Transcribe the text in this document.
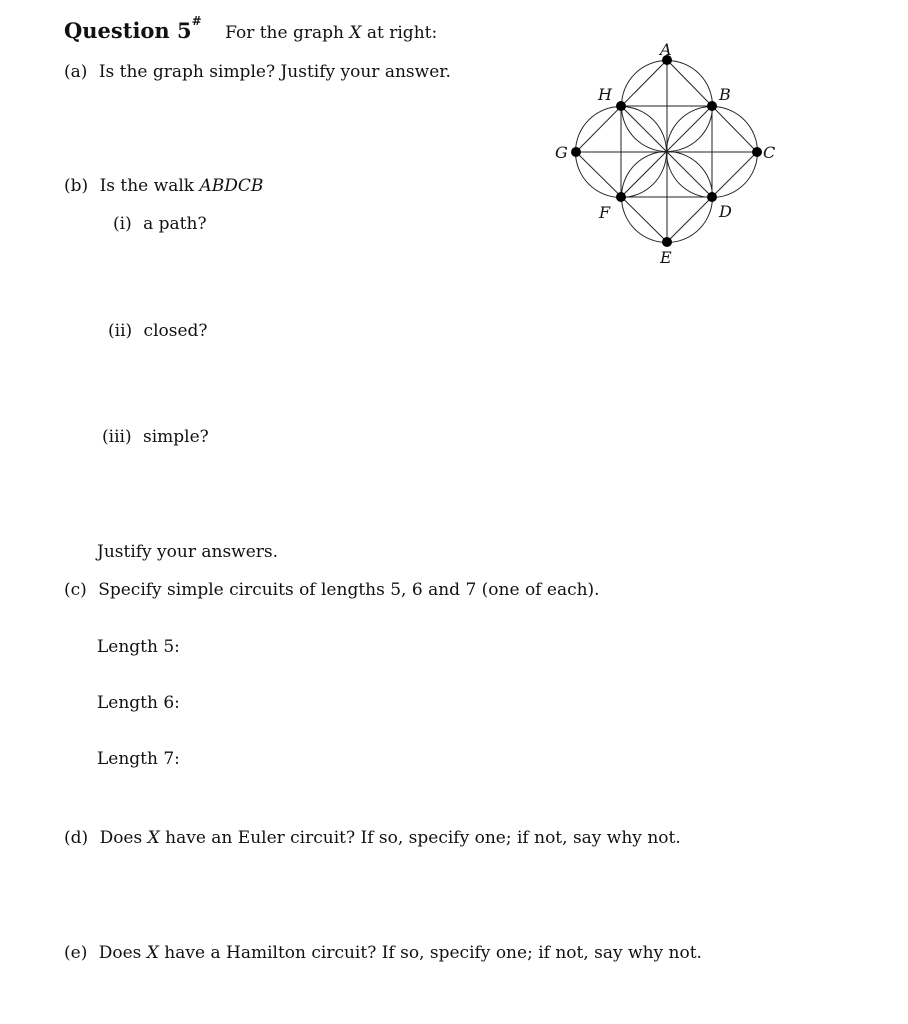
Question 5# For the graph X at right:
(a) Is the graph simple? Justify your answer.
(b) Is the walk ABDCB
(i) a path?
(ii) closed?
(iii) simple?
Justify your answers.
(c) Specify simple circuits of lengths 5, 6 and 7 (one of each).
Length 5:
Length 6:
Length 7:
(d) Does X have an Euler circuit? If so, specify one; if not, say why not.
(e) Does X have a Hamilton circuit? If so, specify one; if not, say why not.
A
B
C
D
E
F
G
H
